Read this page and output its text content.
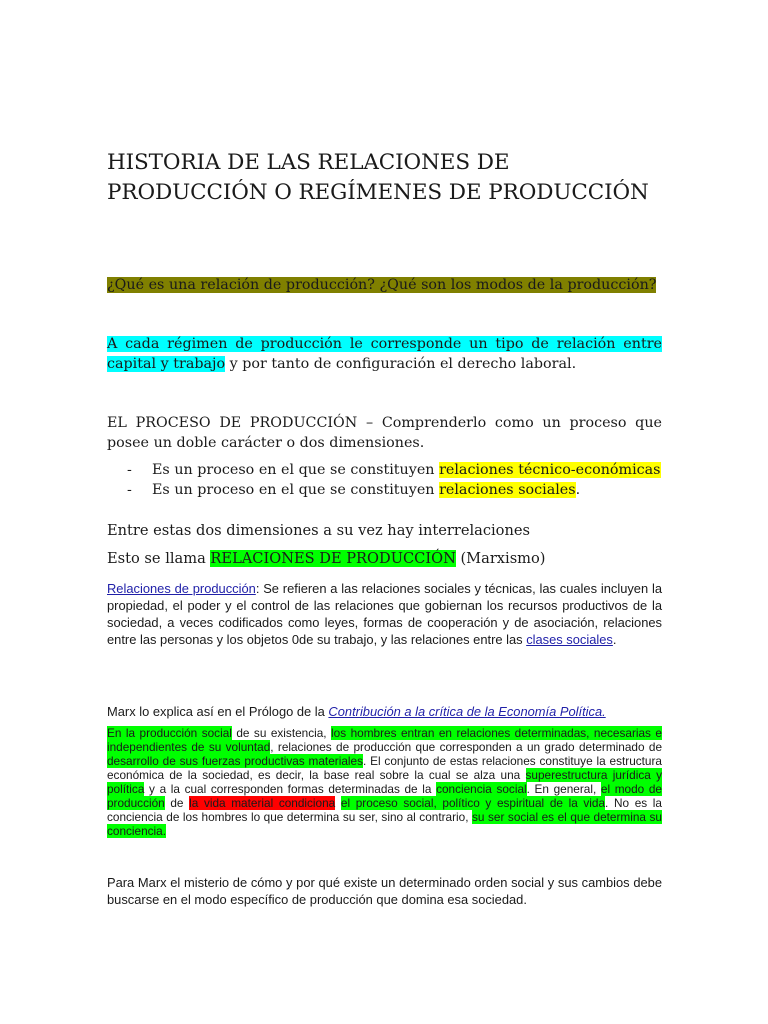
HISTORIA DE LAS RELACIONES DE PRODUCCIÓN O REGÍMENES DE PRODUCCIÓN
¿Qué es una relación de producción? ¿Qué son los modos de la producción?
A cada régimen de producción le corresponde un tipo de relación entre capital y trabajo y por tanto de configuración el derecho laboral.
EL PROCESO DE PRODUCCIÓN – Comprenderlo como un proceso que posee un doble carácter o dos dimensiones.
- Es un proceso en el que se constituyen relaciones técnico-económicas
- Es un proceso en el que se constituyen relaciones sociales.
Entre estas dos dimensiones a su vez hay interrelaciones
Esto se llama RELACIONES DE PRODUCCIÓN (Marxismo)
Relaciones de producción: Se refieren a las relaciones sociales y técnicas, las cuales incluyen la propiedad, el poder y el control de las relaciones que gobiernan los recursos productivos de la sociedad, a veces codificados como leyes, formas de cooperación y de asociación, relaciones entre las personas y los objetos 0de su trabajo, y las relaciones entre las clases sociales.
Marx lo explica así en el Prólogo de la Contribución a la crítica de la Economía Política.
En la producción social de su existencia, los hombres entran en relaciones determinadas, necesarias e independientes de su voluntad, relaciones de producción que corresponden a un grado determinado de desarrollo de sus fuerzas productivas materiales. El conjunto de estas relaciones constituye la estructura económica de la sociedad, es decir, la base real sobre la cual se alza una superestructura jurídica y política y a la cual corresponden formas determinadas de la conciencia social. En general, el modo de producción de la vida material condiciona el proceso social, político y espiritual de la vida. No es la conciencia de los hombres lo que determina su ser, sino al contrario, su ser social es el que determina su conciencia.
Para Marx el misterio de cómo y por qué existe un determinado orden social y sus cambios debe buscarse en el modo específico de producción que domina esa sociedad.
